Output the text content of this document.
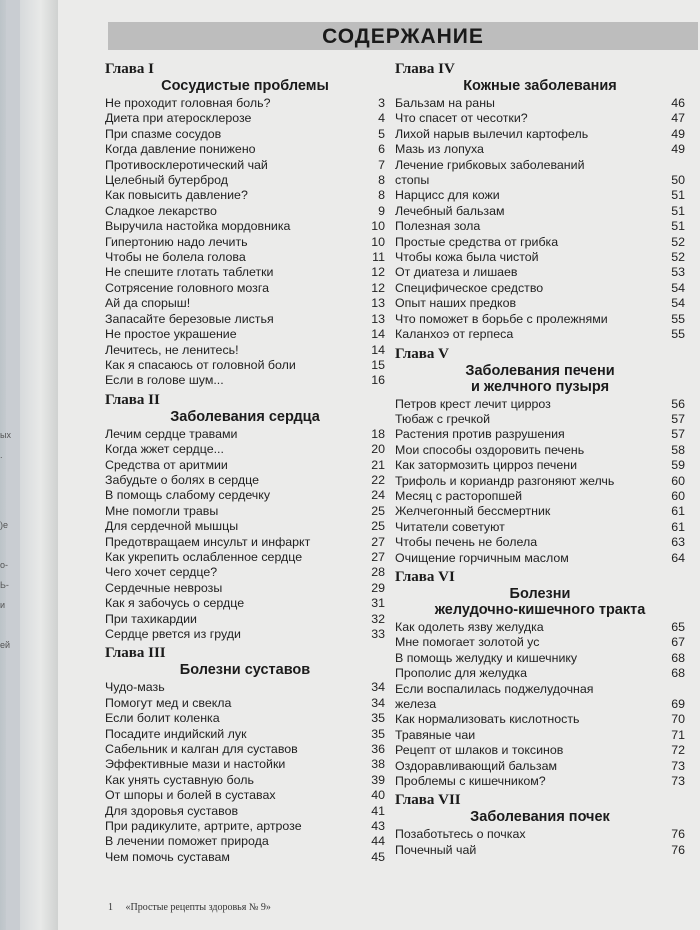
ых
.
)е
о-
Ь-
и
ей
СОДЕРЖАНИЕ
Глава I
Сосудистые проблемы
Не проходит головная боль?	3
Диета при атеросклерозе	4
При спазме сосудов	5
Когда давление понижено	6
Противосклеротический чай	7
Целебный бутерброд	8
Как повысить давление?	8
Сладкое лекарство	9
Выручила настойка мордовника	10
Гипертонию надо лечить	10
Чтобы не болела голова	11
Не спешите глотать таблетки	12
Сотрясение головного мозга	12
Ай да спорыш!	13
Запасайте березовые листья	13
Не простое украшение	14
Лечитесь, не ленитесь!	14
Как я спасаюсь от головной боли	15
Если в голове шум...	16
Глава II
Заболевания сердца
Лечим сердце травами	18
Когда жжет сердце...	20
Средства от аритмии	21
Забудьте о болях в сердце	22
В помощь слабому сердечку	24
Мне помогли травы	25
Для сердечной мышцы	25
Предотвращаем инсульт и инфаркт	27
Как укрепить ослабленное сердце	27
Чего хочет сердце?	28
Сердечные неврозы	29
Как я забочусь о сердце	31
При тахикардии	32
Сердце рвется из груди	33
Глава III
Болезни суставов
Чудо-мазь	34
Помогут мед и свекла	34
Если болит коленка	35
Посадите индийский лук	35
Сабельник и калган для суставов	36
Эффективные мази и настойки	38
Как унять суставную боль	39
От шпоры и болей в суставах	40
Для здоровья суставов	41
При радикулите, артрите, артрозе	43
В лечении поможет природа	44
Чем помочь суставам	45
Глава IV
Кожные заболевания
Бальзам на раны	46
Что спасет от чесотки?	47
Лихой нарыв вылечил картофель	49
Мазь из лопуха	49
Лечение грибковых заболеваний
стопы	50
Нарцисс для кожи	51
Лечебный бальзам	51
Полезная зола	51
Простые средства от грибка	52
Чтобы кожа была чистой	52
От диатеза и лишаев	53
Специфическое средство	54
Опыт наших предков	54
Что поможет в борьбе с пролежнями	55
Каланхоэ от герпеса	55
Глава V
Заболевания печени
и желчного пузыря
Петров крест лечит цирроз	56
Тюбаж с гречкой	57
Растения против разрушения	57
Мои способы оздоровить печень	58
Как затормозить цирроз печени	59
Трифоль и кориандр разгоняют желчь	60
Месяц с расторопшей	60
Желчегонный бессмертник	61
Читатели советуют	61
Чтобы печень не болела	63
Очищение горчичным маслом	64
Глава VI
Болезни
желудочно-кишечного тракта
Как одолеть язву желудка	65
Мне помогает золотой ус	67
В помощь желудку и кишечнику	68
Прополис для желудка	68
Если воспалилась поджелудочная
железа	69
Как нормализовать кислотность	70
Травяные чаи	71
Рецепт от шлаков и токсинов	72
Оздоравливающий бальзам	73
Проблемы с кишечником?	73
Глава VII
Заболевания почек
Позаботьтесь о почках	76
Почечный чай	76
1 «Простые рецепты здоровья № 9»
